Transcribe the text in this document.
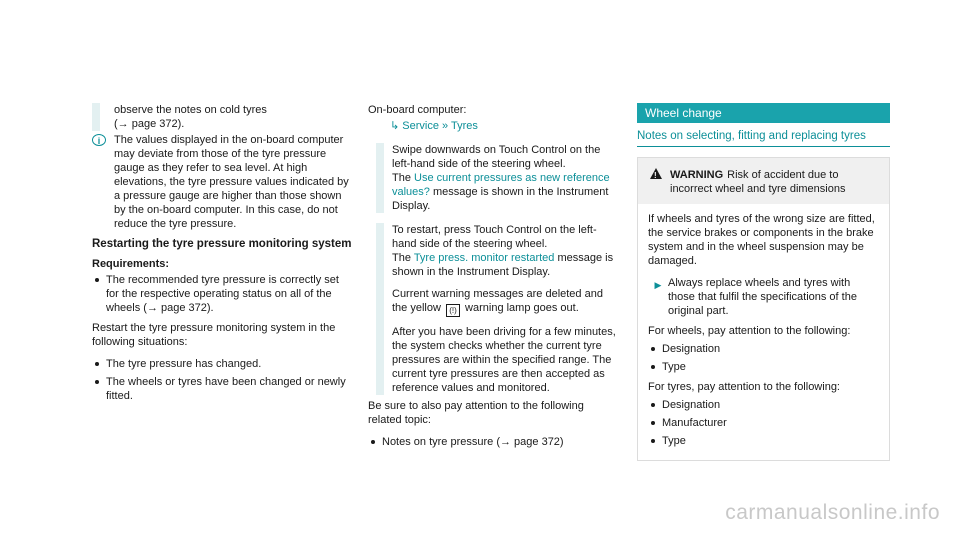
observe the notes on cold tyres
(→ page 372).
i	The values displayed in the on-board computer may deviate from those of the tyre pressure gauge as they refer to sea level. At high elevations, the tyre pressure values indicated by a pressure gauge are higher than those shown by the on-board computer. In this case, do not reduce the tyre pressure.
Restarting the tyre pressure monitoring system
Requirements:
The recommended tyre pressure is correctly set for the respective operating status on all of the wheels (→ page 372).

Restart the tyre pressure monitoring system in the following situations:

The tyre pressure has changed.
The wheels or tyres have been changed or newly fitted.
On-board computer:
↳ Service » Tyres
▶ Swipe downwards on Touch Control on the left-hand side of the steering wheel.
The Use current pressures as new reference values? message is shown in the Instrument Display.
▶ To restart, press Touch Control on the left-hand side of the steering wheel.

The Tyre press. monitor restarted message is shown in the Instrument Display.

Current warning messages are deleted and the yellow (!) warning lamp goes out.

After you have been driving for a few minutes, the system checks whether the current tyre pressures are within the specified range. The current tyre pressures are then accepted as reference values and monitored.

Be sure to also pay attention to the following related topic:

Notes on tyre pressure (→ page 372)
Wheel change
Notes on selecting, fitting and replacing tyres
! WARNING Risk of accident due to incorrect wheel and tyre dimensions

If wheels and tyres of the wrong size are fitted, the service brakes or components in the brake system and in the wheel suspension may be damaged.

▶ Always replace wheels and tyres with those that fulfil the specifications of the original part.

For wheels, pay attention to the following:

Designation
Type

For tyres, pay attention to the following:

Designation
Manufacturer
Type
carmanualsonline.info
